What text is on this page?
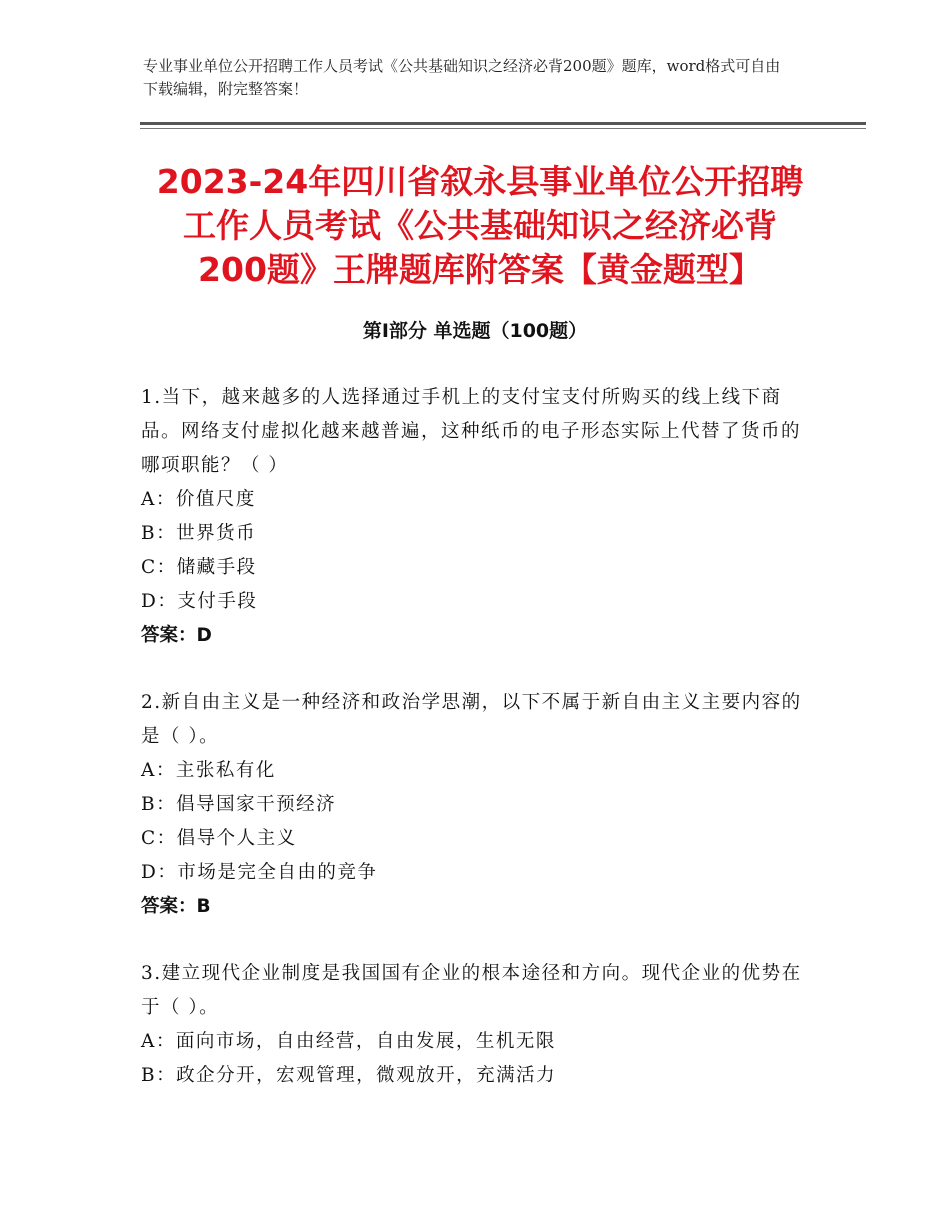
专业事业单位公开招聘工作人员考试《公共基础知识之经济必背200题》题库，word格式可自由下载编辑，附完整答案！
2023-24年四川省叙永县事业单位公开招聘
工作人员考试《公共基础知识之经济必背
200题》王牌题库附答案【黄金题型】
第Ⅰ部分 单选题（100题）

1.当下，越来越多的人选择通过手机上的支付宝支付所购买的线上线下商品。网络支付虚拟化越来越普遍，这种纸币的电子形态实际上代替了货币的哪项职能？（ ）

A：价值尺度

B：世界货币

C：储藏手段

D：支付手段

答案：D

2.新自由主义是一种经济和政治学思潮，以下不属于新自由主义主要内容的是（ ）。

A：主张私有化

B：倡导国家干预经济

C：倡导个人主义

D：市场是完全自由的竞争

答案：B

3.建立现代企业制度是我国国有企业的根本途径和方向。现代企业的优势在于（ ）。

A：面向市场，自由经营，自由发展，生机无限

B：政企分开，宏观管理，微观放开，充满活力
